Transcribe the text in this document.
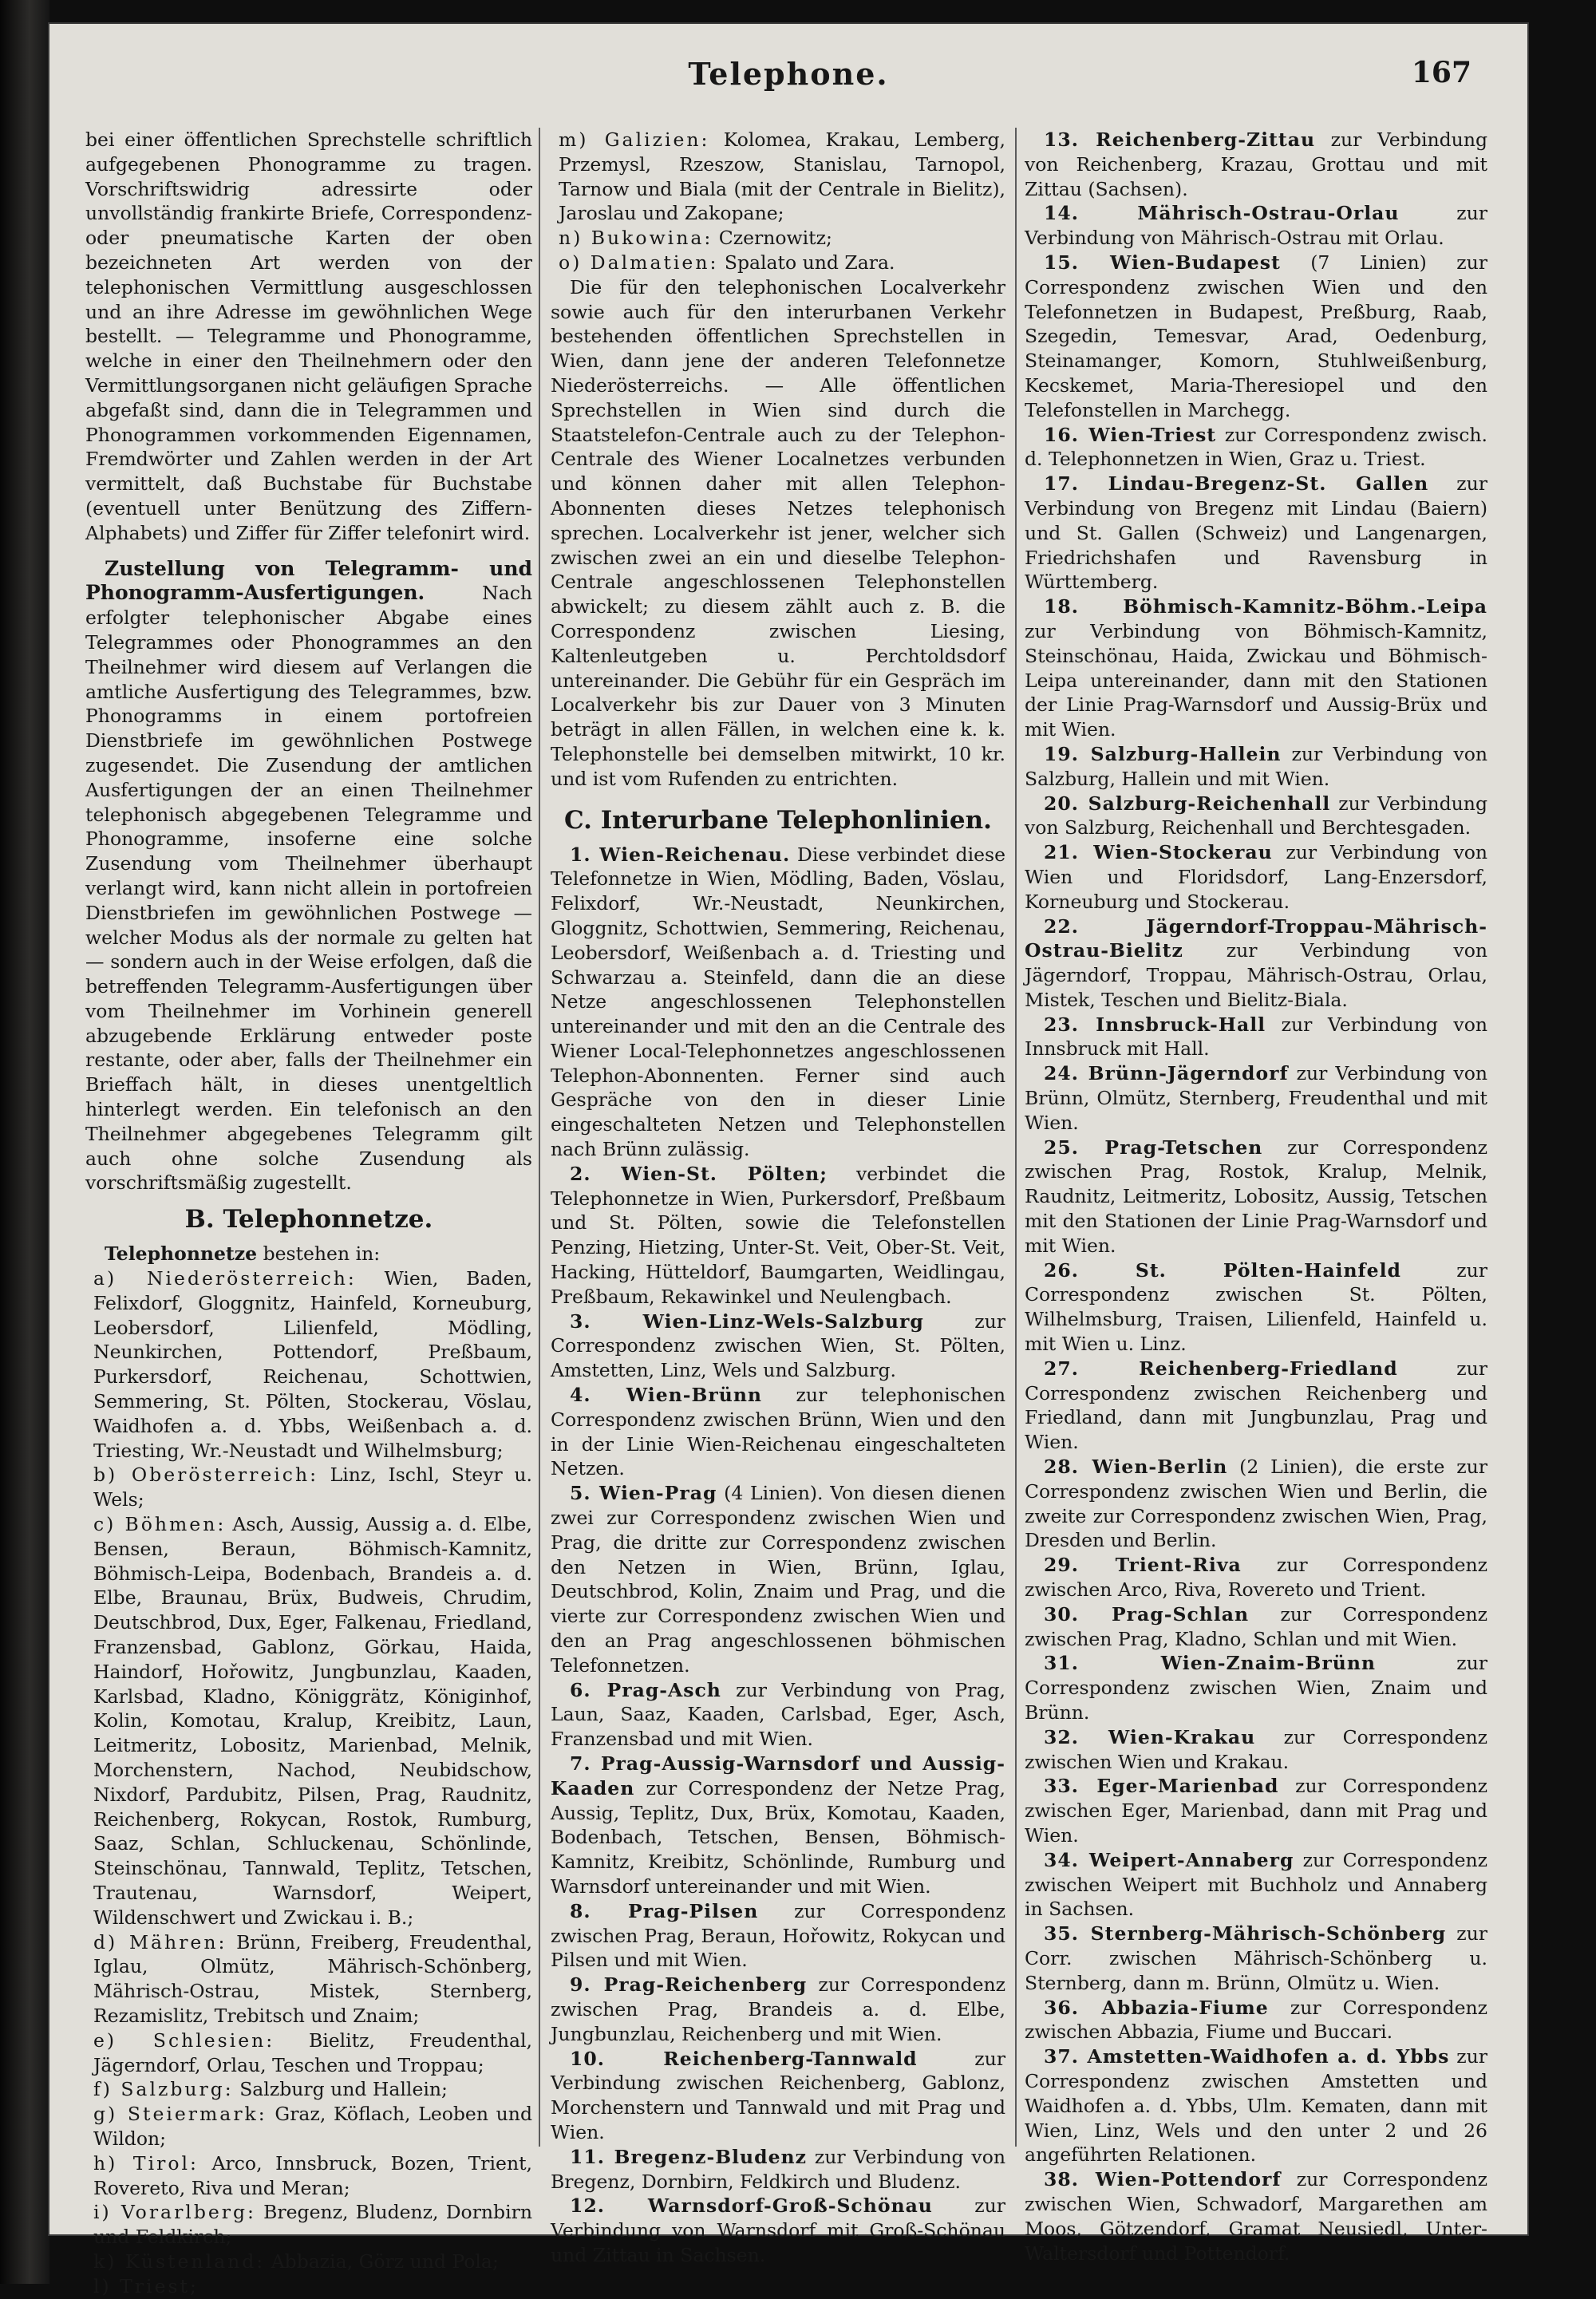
Telephone.	167

bei einer öffentlichen Sprechstelle schriftlich aufgegebenen Phonogramme zu tragen. Vorschriftswidrig adressirte oder unvollständig frankirte Briefe, Correspondenz- oder pneumatische Karten der oben bezeichneten Art werden von der telephonischen Vermittlung ausgeschlossen und an ihre Adresse im gewöhnlichen Wege bestellt. — Telegramme und Phonogramme, welche in einer den Theilnehmern oder den Vermittlungsorganen nicht geläufigen Sprache abgefaßt sind, dann die in Telegrammen und Phonogrammen vorkommenden Eigennamen, Fremdwörter und Zahlen werden in der Art vermittelt, daß Buchstabe für Buchstabe (eventuell unter Benützung des Ziffern-Alphabets) und Ziffer für Ziffer telefonirt wird.

Zustellung von Telegramm- und Phonogramm-Ausfertigungen.	Nach erfolgter telephonischer Abgabe eines Telegrammes oder Phonogrammes an den Theilnehmer wird diesem auf Verlangen die amtliche Ausfertigung des Telegrammes, bzw. Phonogramms in einem portofreien Dienstbriefe im gewöhnlichen Postwege zugesendet. Die Zusendung der amtlichen Ausfertigungen der an einen Theilnehmer telephonisch abgegebenen Telegramme und Phonogramme, insoferne eine solche Zusendung vom Theilnehmer überhaupt verlangt wird, kann nicht allein in portofreien Dienstbriefen im gewöhnlichen Postwege — welcher Modus als der normale zu gelten hat — sondern auch in der Weise erfolgen, daß die betreffenden Telegramm-Ausfertigungen über vom Theilnehmer im Vorhinein generell abzugebende Erklärung entweder poste restante, oder aber, falls der Theilnehmer ein Brieffach hält, in dieses unentgeltlich hinterlegt werden. Ein telefonisch an den Theilnehmer abgegebenes Telegramm gilt auch ohne solche Zusendung als vorschriftsmäßig zugestellt.

B. Telephonnetze.

Telephonnetze bestehen in:

a) Niederösterreich: Wien, Baden, Felixdorf, Gloggnitz, Hainfeld, Korneuburg, Leobersdorf, Lilienfeld, Mödling, Neunkirchen, Pottendorf, Preßbaum, Purkersdorf, Reichenau, Schottwien, Semmering, St. Pölten, Stockerau, Vöslau, Waidhofen a. d. Ybbs, Weißenbach a. d. Triesting, Wr.-Neustadt und Wilhelmsburg;

b) Oberösterreich: Linz, Ischl, Steyr u. Wels;

c) Böhmen: Asch, Aussig, Aussig a. d. Elbe, Bensen, Beraun, Böhmisch-Kamnitz, Böhmisch-Leipa, Bodenbach, Brandeis a. d. Elbe, Braunau, Brüx, Budweis, Chrudim, Deutschbrod, Dux, Eger, Falkenau, Friedland, Franzensbad, Gablonz, Görkau, Haida, Haindorf, Hořowitz, Jungbunzlau, Kaaden, Karlsbad, Kladno, Königgrätz, Königinhof, Kolin, Komotau, Kralup, Kreibitz, Laun, Leitmeritz, Lobositz, Marienbad, Melnik, Morchenstern, Nachod, Neubidschow, Nixdorf, Pardubitz, Pilsen, Prag, Raudnitz, Reichenberg, Rokycan, Rostok, Rumburg, Saaz, Schlan, Schluckenau, Schönlinde, Steinschönau, Tannwald, Teplitz, Tetschen, Trautenau, Warnsdorf, Weipert, Wildenschwert und Zwickau i. B.;

d) Mähren: Brünn, Freiberg, Freudenthal, Iglau, Olmütz, Mährisch-Schönberg, Mährisch-Ostrau, Mistek, Sternberg, Rezamislitz, Trebitsch und Znaim;

e) Schlesien: Bielitz, Freudenthal, Jägerndorf, Orlau, Teschen und Troppau;

f) Salzburg: Salzburg und Hallein;

g) Steiermark: Graz, Köflach, Leoben und Wildon;

h) Tirol: Arco, Innsbruck, Bozen, Trient, Rovereto, Riva und Meran;

i) Vorarlberg: Bregenz, Bludenz, Dornbirn und Feldkirch;

k) Küstenland: Abbazia, Görz und Pola;

l) Triest;

m) Galizien: Kolomea, Krakau, Lemberg, Przemysl, Rzeszow, Stanislau, Tarnopol, Tarnow und Biala (mit der Centrale in Bielitz), Jaroslau und Zakopane;

n) Bukowina: Czernowitz;

o) Dalmatien: Spalato und Zara.

Die für den telephonischen Localverkehr sowie auch für den interurbanen Verkehr bestehenden öffentlichen Sprechstellen in Wien, dann jene der anderen Telefonnetze Niederösterreichs. — Alle öffentlichen Sprechstellen in Wien sind durch die Staatstelefon-Centrale auch zu der Telephon-Centrale des Wiener Localnetzes verbunden und können daher mit allen Telephon-Abonnenten dieses Netzes telephonisch sprechen. Localverkehr ist jener, welcher sich zwischen zwei an ein und dieselbe Telephon-Centrale angeschlossenen Telephonstellen abwickelt; zu diesem zählt auch z. B. die Correspondenz zwischen Liesing, Kaltenleutgeben u. Perchtoldsdorf untereinander. Die Gebühr für ein Gespräch im Localverkehr bis zur Dauer von 3 Minuten beträgt in allen Fällen, in welchen eine k. k. Telephonstelle bei demselben mitwirkt, 10 kr. und ist vom Rufenden zu entrichten.

C. Interurbane Telephonlinien.

1. Wien-Reichenau. Diese verbindet diese Telefonnetze in Wien, Mödling, Baden, Vöslau, Felixdorf, Wr.-Neustadt, Neunkirchen, Gloggnitz, Schottwien, Semmering, Reichenau, Leobersdorf, Weißenbach a. d. Triesting und Schwarzau a. Steinfeld, dann die an diese Netze angeschlossenen Telephonstellen untereinander und mit den an die Centrale des Wiener Local-Telephonnetzes angeschlossenen Telephon-Abonnenten. Ferner sind auch Gespräche von den in dieser Linie eingeschalteten Netzen und Telephonstellen nach Brünn zulässig.

2. Wien-St. Pölten; verbindet die Telephonnetze in Wien, Purkersdorf, Preßbaum und St. Pölten, sowie die Telefonstellen Penzing, Hietzing, Unter-St. Veit, Ober-St. Veit, Hacking, Hütteldorf, Baumgarten, Weidlingau, Preßbaum, Rekawinkel und Neulengbach.

3. Wien-Linz-Wels-Salzburg zur Correspondenz zwischen Wien, St. Pölten, Amstetten, Linz, Wels und Salzburg.

4. Wien-Brünn zur telephonischen Correspondenz zwischen Brünn, Wien und den in der Linie Wien-Reichenau eingeschalteten Netzen.

5. Wien-Prag (4 Linien). Von diesen dienen zwei zur Correspondenz zwischen Wien und Prag, die dritte zur Correspondenz zwischen den Netzen in Wien, Brünn, Iglau, Deutschbrod, Kolin, Znaim und Prag, und die vierte zur Correspondenz zwischen Wien und den an Prag angeschlossenen böhmischen Telefonnetzen.

6. Prag-Asch zur Verbindung von Prag, Laun, Saaz, Kaaden, Carlsbad, Eger, Asch, Franzensbad und mit Wien.

7. Prag-Aussig-Warnsdorf und Aussig-Kaaden zur Correspondenz der Netze Prag, Aussig, Teplitz, Dux, Brüx, Komotau, Kaaden, Bodenbach, Tetschen, Bensen, Böhmisch-Kamnitz, Kreibitz, Schönlinde, Rumburg und Warnsdorf untereinander und mit Wien.

8. Prag-Pilsen zur Correspondenz zwischen Prag, Beraun, Hořowitz, Rokycan und Pilsen und mit Wien.

9. Prag-Reichenberg zur Correspondenz zwischen Prag, Brandeis a. d. Elbe, Jungbunzlau, Reichenberg und mit Wien.

10. Reichenberg-Tannwald zur Verbindung zwischen Reichenberg, Gablonz, Morchenstern und Tannwald und mit Prag und Wien.

11. Bregenz-Bludenz zur Verbindung von Bregenz, Dornbirn, Feldkirch und Bludenz.

12. Warnsdorf-Groß-Schönau zur Verbindung von Warnsdorf mit Groß-Schönau und Zittau in Sachsen.

13. Reichenberg-Zittau zur Verbindung von Reichenberg, Krazau, Grottau und mit Zittau (Sachsen).

14. Mährisch-Ostrau-Orlau zur Verbindung von Mährisch-Ostrau mit Orlau.

15. Wien-Budapest (7 Linien) zur Correspondenz zwischen Wien und den Telefonnetzen in Budapest, Preßburg, Raab, Szegedin, Temesvar, Arad, Oedenburg, Steinamanger, Komorn, Stuhlweißenburg, Kecskemet, Maria-Theresiopel und den Telefonstellen in Marchegg.

16. Wien-Triest zur Correspondenz zwisch. d. Telephonnetzen in Wien, Graz u. Triest.

17. Lindau-Bregenz-St. Gallen zur Verbindung von Bregenz mit Lindau (Baiern) und St. Gallen (Schweiz) und Langenargen, Friedrichshafen und Ravensburg in Württemberg.

18. Böhmisch-Kamnitz-Böhm.-Leipa zur Verbindung von Böhmisch-Kamnitz, Steinschönau, Haida, Zwickau und Böhmisch-Leipa untereinander, dann mit den Stationen der Linie Prag-Warnsdorf und Aussig-Brüx und mit Wien.

19. Salzburg-Hallein zur Verbindung von Salzburg, Hallein und mit Wien.

20. Salzburg-Reichenhall zur Verbindung von Salzburg, Reichenhall und Berchtesgaden.

21. Wien-Stockerau zur Verbindung von Wien und Floridsdorf, Lang-Enzersdorf, Korneuburg und Stockerau.

22. Jägerndorf-Troppau-Mährisch-Ostrau-Bielitz zur Verbindung von Jägerndorf, Troppau, Mährisch-Ostrau, Orlau, Mistek, Teschen und Bielitz-Biala.

23. Innsbruck-Hall zur Verbindung von Innsbruck mit Hall.

24. Brünn-Jägerndorf zur Verbindung von Brünn, Olmütz, Sternberg, Freudenthal und mit Wien.

25. Prag-Tetschen zur Correspondenz zwischen Prag, Rostok, Kralup, Melnik, Raudnitz, Leitmeritz, Lobositz, Aussig, Tetschen mit den Stationen der Linie Prag-Warnsdorf und mit Wien.

26. St. Pölten-Hainfeld zur Correspondenz zwischen St. Pölten, Wilhelmsburg, Traisen, Lilienfeld, Hainfeld u. mit Wien u. Linz.

27. Reichenberg-Friedland zur Correspondenz zwischen Reichenberg und Friedland, dann mit Jungbunzlau, Prag und Wien.

28. Wien-Berlin (2 Linien), die erste zur Correspondenz zwischen Wien und Berlin, die zweite zur Correspondenz zwischen Wien, Prag, Dresden und Berlin.

29. Trient-Riva zur Correspondenz zwischen Arco, Riva, Rovereto und Trient.

30. Prag-Schlan zur Correspondenz zwischen Prag, Kladno, Schlan und mit Wien.

31. Wien-Znaim-Brünn zur Correspondenz zwischen Wien, Znaim und Brünn.

32. Wien-Krakau zur Correspondenz zwischen Wien und Krakau.

33. Eger-Marienbad zur Correspondenz zwischen Eger, Marienbad, dann mit Prag und Wien.

34. Weipert-Annaberg zur Correspondenz zwischen Weipert mit Buchholz und Annaberg in Sachsen.

35. Sternberg-Mährisch-Schönberg zur Corr. zwischen Mährisch-Schönberg u. Sternberg, dann m. Brünn, Olmütz u. Wien.

36. Abbazia-Fiume zur Correspondenz zwischen Abbazia, Fiume und Buccari.

37. Amstetten-Waidhofen a. d. Ybbs zur Correspondenz zwischen Amstetten und Waidhofen a. d. Ybbs, Ulm. Kematen, dann mit Wien, Linz, Wels und den unter 2 und 26 angeführten Relationen.

38. Wien-Pottendorf zur Correspondenz zwischen Wien, Schwadorf, Margarethen am Moos, Götzendorf, Gramat Neusiedl, Unter-Waltersdorf und Pottendorf.
